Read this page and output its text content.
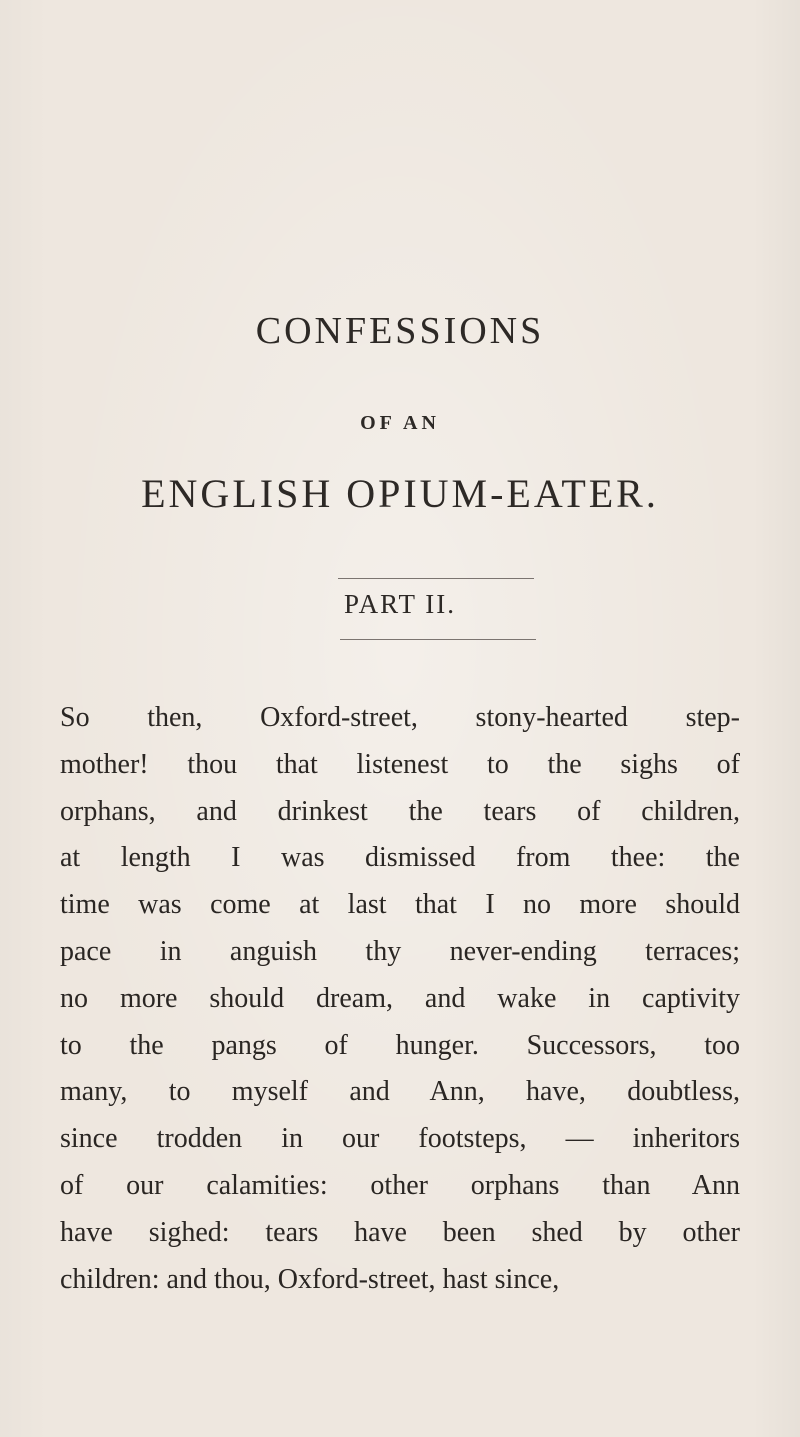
CONFESSIONS
OF AN
ENGLISH OPIUM-EATER.
PART II.
So then, Oxford-street, stony-hearted step-
mother! thou that listenest to the sighs of
orphans, and drinkest the tears of children,
at length I was dismissed from thee: the
time was come at last that I no more should
pace in anguish thy never-ending terraces;
no more should dream, and wake in captivity
to the pangs of hunger. Successors, too
many, to myself and Ann, have, doubtless,
since trodden in our footsteps, — inheritors
of our calamities: other orphans than Ann
have sighed: tears have been shed by other
children: and thou, Oxford-street, hast since,
